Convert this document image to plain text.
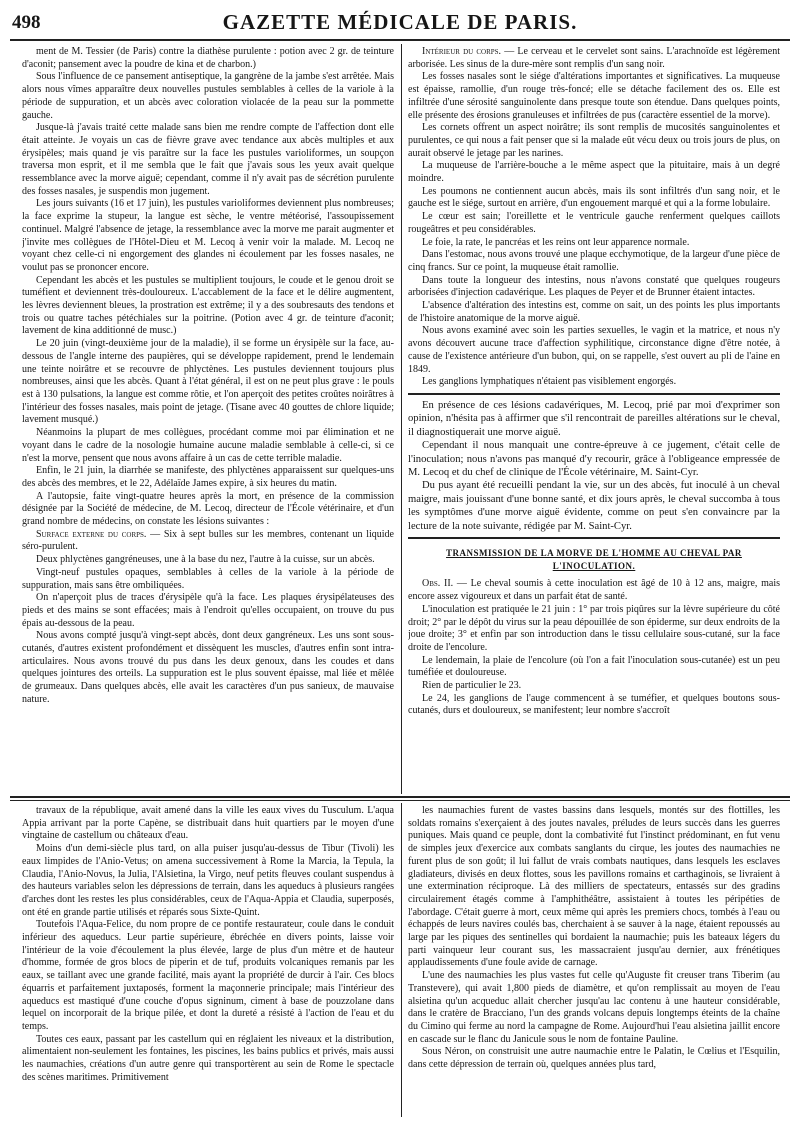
498	GAZETTE MÉDICALE DE PARIS.

ment de M. Tessier (de Paris) contre la diathèse purulente : potion avec 2 gr. de teinture d'aconit; pansement avec la poudre de kina et de charbon.)

Sous l'influence de ce pansement antiseptique, la gangrène de la jambe s'est arrêtée. Mais alors nous vîmes apparaître deux nouvelles pustules semblables à celles de la variole à la période de suppuration, et un abcès avec coloration violacée de la peau sur la pommette gauche.

Jusque-là j'avais traité cette malade sans bien me rendre compte de l'affection dont elle était atteinte. Je voyais un cas de fièvre grave avec tendance aux abcès multiples et aux érysipèles; mais quand je vis paraître sur la face les pustules varioliformes, un soupçon traversa mon esprit, et il me sembla que le fait que j'avais sous les yeux avait quelque ressemblance avec la morve aiguë; cependant, comme il n'y avait pas de sécrétion purulente des fosses nasales, je suspendis mon jugement.

Les jours suivants (16 et 17 juin), les pustules varioliformes deviennent plus nombreuses; la face exprime la stupeur, la langue est sèche, le ventre météorisé, l'assoupissement continuel. Malgré l'absence de jetage, la ressemblance avec la morve me parait augmenter et j'invite mes collègues de l'Hôtel-Dieu et M. Lecoq à venir voir la malade. M. Lecoq ne voyant chez celle-ci ni engorgement des glandes ni écoulement par les fosses nasales, ne voulut pas se prononcer encore.

Cependant les abcès et les pustules se multiplient toujours, le coude et le genou droit se tuméfient et deviennent très-douloureux. L'accablement de la face et le délire augmentent, les lèvres deviennent bleues, la prostration est extrême; il y a des soubresauts des tendons et trois ou quatre taches pétéchiales sur la poitrine. (Potion avec 4 gr. de teinture d'aconit; lavement de kina additionné de musc.)

Le 20 juin (vingt-deuxième jour de la maladie), il se forme un érysipèle sur la face, au-dessous de l'angle interne des paupières, qui se développe rapidement, prend le lendemain une teinte noirâtre et se recouvre de phlyctènes. Les pustules deviennent toujours plus nombreuses, ainsi que les abcès. Quant à l'état général, il est on ne peut plus grave : le pouls est à 130 pulsations, la langue est comme rôtie, et l'on aperçoit des petites croûtes noirâtres à l'intérieur des fosses nasales, mais point de jetage. (Tisane avec 40 gouttes de chlore liquide; lavement musqué.)

Néanmoins la plupart de mes collègues, procédant comme moi par élimination et ne voyant dans le cadre de la nosologie humaine aucune maladie semblable à celle-ci, si ce n'est la morve, pensent que nous avons affaire à un cas de cette terrible maladie.

Enfin, le 21 juin, la diarrhée se manifeste, des phlyctènes apparaissent sur quelques-uns des abcès des membres, et le 22, Adélaïde James expire, à six heures du matin.

A l'autopsie, faite vingt-quatre heures après la mort, en présence de la commission désignée par la Société de médecine, de M. Lecoq, directeur de l'École vétérinaire, et d'un grand nombre de médecins, on constate les lésions suivantes :

Surface externe du corps. — Six à sept bulles sur les membres, contenant un liquide séro-purulent.

Deux phlyctènes gangréneuses, une à la base du nez, l'autre à la cuisse, sur un abcès.

Vingt-neuf pustules opaques, semblables à celles de la variole à la période de suppuration, mais sans être ombiliquées.

On n'aperçoit plus de traces d'érysipèle qu'à la face. Les plaques érysipélateuses des pieds et des mains se sont effacées; mais à l'endroit qu'elles occupaient, on trouve du pus épais au-dessous de la peau.

Nous avons compté jusqu'à vingt-sept abcès, dont deux gangréneux. Les uns sont sous-cutanés, d'autres existent profondément et dissèquent les muscles, d'autres enfin sont intra-articulaires. Nous avons trouvé du pus dans les deux genoux, dans les coudes et dans quelques jointures des orteils. La suppuration est le plus souvent épaisse, mal liée et mêlée de grumeaux. Dans quelques abcès, elle avait les caractères d'un pus sanieux, de mauvaise nature.

Intérieur du corps. — Le cerveau et le cervelet sont sains. L'arachnoïde est légèrement arborisée. Les sinus de la dure-mère sont remplis d'un sang noir.

Les fosses nasales sont le siége d'altérations importantes et significatives. La muqueuse est épaisse, ramollie, d'un rouge très-foncé; elle se détache facilement des os. Elle est infiltrée d'une sérosité sanguinolente dans presque toute son étendue. Dans quelques points, elle présente des érosions granuleuses et infiltrées de pus (caractère essentiel de la morve).

Les cornets offrent un aspect noirâtre; ils sont remplis de mucosités sanguinolentes et purulentes, ce qui nous a fait penser que si la malade eût vécu deux ou trois jours de plus, on aurait observé le jetage par les narines.

La muqueuse de l'arrière-bouche a le même aspect que la pituitaire, mais à un degré moindre.

Les poumons ne contiennent aucun abcès, mais ils sont infiltrés d'un sang noir, et le gauche est le siége, surtout en arrière, d'un engouement marqué et qui a la forme lobulaire.

Le cœur est sain; l'oreillette et le ventricule gauche renferment quelques caillots rougeâtres et peu considérables.

Le foie, la rate, le pancréas et les reins ont leur apparence normale.

Dans l'estomac, nous avons trouvé une plaque ecchymotique, de la largeur d'une pièce de cinq francs. Sur ce point, la muqueuse était ramollie.

Dans toute la longueur des intestins, nous n'avons constaté que quelques rougeurs arborisées d'injection cadavérique. Les plaques de Peyer et de Brunner étaient intactes.

L'absence d'altération des intestins est, comme on sait, un des points les plus importants de l'histoire anatomique de la morve aiguë.

Nous avons examiné avec soin les parties sexuelles, le vagin et la matrice, et nous n'y avons découvert aucune trace d'affection syphilitique, circonstance digne d'être notée, à cause de l'existence antérieure d'un bubon, qui, on se rappelle, s'est ouvert au pli de l'aine en 1849.

Les ganglions lymphatiques n'étaient pas visiblement engorgés.

En présence de ces lésions cadavériques, M. Lecoq, prié par moi d'exprimer son opinion, n'hésita pas à affirmer que s'il rencontrait de pareilles altérations sur le cheval, il diagnostiquerait une morve aiguë.

Cependant il nous manquait une contre-épreuve à ce jugement, c'était celle de l'inoculation; nous n'avons pas manqué d'y recourir, grâce à l'obligeance empressée de M. Lecoq et du chef de clinique de l'École vétérinaire, M. Saint-Cyr.

Du pus ayant été recueilli pendant la vie, sur un des abcès, fut inoculé à un cheval maigre, mais jouissant d'une bonne santé, et dix jours après, le cheval succomba à tous les symptômes d'une morve aiguë évidente, comme on peut s'en convaincre par la lecture de la note suivante, rédigée par M. Saint-Cyr.

TRANSMISSION DE LA MORVE DE L'HOMME AU CHEVAL PAR L'INOCULATION.

Obs. II. — Le cheval soumis à cette inoculation est âgé de 10 à 12 ans, maigre, mais encore assez vigoureux et dans un parfait état de santé.

L'inoculation est pratiquée le 21 juin : 1° par trois piqûres sur la lèvre supérieure du côté droit; 2° par le dépôt du virus sur la peau dépouillée de son épiderme, sur deux endroits de la joue droite; 3° et enfin par son introduction dans le tissu cellulaire sous-cutané, sur la face droite de l'encolure.

Le lendemain, la plaie de l'encolure (où l'on a fait l'inoculation sous-cutanée) est un peu tuméfiée et douloureuse.

Rien de particulier le 23.

Le 24, les ganglions de l'auge commencent à se tuméfier, et quelques boutons sous-cutanés, durs et douloureux, se manifestent; leur nombre s'accroît

travaux de la république, avait amené dans la ville les eaux vives du Tusculum. L'aqua Appia arrivant par la porte Capène, se distribuait dans huit quartiers par le moyen d'une vingtaine de castellum ou châteaux d'eau.

Moins d'un demi-siècle plus tard, on alla puiser jusqu'au-dessus de Tibur (Tivoli) les eaux limpides de l'Anio-Vetus; on amena successivement à Rome la Marcia, la Tepula, la Claudia, l'Anio-Novus, la Julia, l'Alsietina, la Virgo, neuf petits fleuves coulant suspendus à des hauteurs variables selon les dépressions de terrain, dans les aqueducs à plusieurs rangées d'arches dont les restes les plus considérables, ceux de l'Aqua-Appia et Claudia, superposés, ont été en grande partie utilisés et réparés sous Sixte-Quint.

Toutefois l'Aqua-Felice, du nom propre de ce pontife restaurateur, coule dans le conduit inférieur des aqueducs. Leur partie supérieure, ébréchée en divers points, laisse voir l'intérieur de la voie d'écoulement la plus élevée, large de plus d'un mètre et de hauteur d'homme, formée de gros blocs de piperin et de tuf, produits volcaniques remanis par les eaux, se taillant avec une grande facilité, mais ayant la propriété de durcir à l'air. Ces blocs équarris et parfaitement juxtaposés, forment la maçonnerie principale; mais l'intérieur des aqueducs est mastiqué d'une couche d'opus signinum, ciment à base de pouzzolane dans lequel on incorporait de la brique pilée, et dont la dureté a résisté à l'action de l'eau et du temps.

Toutes ces eaux, passant par les castellum qui en réglaient les niveaux et la distribution, alimentaient non-seulement les fontaines, les piscines, les bains publics et privés, mais aussi les naumachies, créations d'un autre genre qui transportèrent au sein de Rome le spectacle des scènes maritimes. Primitivement

les naumachies furent de vastes bassins dans lesquels, montés sur des flottilles, les soldats romains s'exerçaient à des joutes navales, préludes de leurs succès dans les guerres puniques. Mais quand ce peuple, dont la combativité fut l'instinct prédominant, en fut venu de simples jeux d'exercice aux combats sanglants du cirque, les joutes des naumachies ne furent plus de son goût; il lui fallut de vrais combats nautiques, dans lesquels les esclaves gladiateurs, divisés en deux flottes, sous les pavillons romains et carthaginois, se livraient à une extermination réciproque. Là des milliers de spectateurs, entassés sur des gradins circulairement étagés comme à l'amphithéâtre, assistaient à toutes les péripéties de l'abordage. C'était guerre à mort, ceux même qui après les premiers chocs, tombés à l'eau ou échappés de leurs navires coulés bas, cherchaient à se sauver à la nage, étaient repoussés au large par les piques des sentinelles qui bordaient la naumachie; puis les bateaux légers du parti vainqueur leur courant sus, les massacraient jusqu'au dernier, aux frénétiques applaudissements d'une foule avide de carnage.

L'une des naumachies les plus vastes fut celle qu'Auguste fit creuser trans Tiberim (au Transtevere), qui avait 1,800 pieds de diamètre, et qu'on remplissait au moyen de l'eau alsietina qu'un acqueduc allait chercher jusqu'au lac contenu à une hauteur considérable, dans le cratère de Bracciano, l'un des grands volcans depuis longtemps éteints de la chaîne du Cimino qui ferme au nord la campagne de Rome. Aujourd'hui l'eau alsietina jaillit encore en cascade sur le flanc du Janicule sous le nom de fontaine Pauline.

Sous Néron, on construisit une autre naumachie entre le Palatin, le Cœlius et l'Esquilin, dans cette dépression de terrain où, quelques années plus tard,
